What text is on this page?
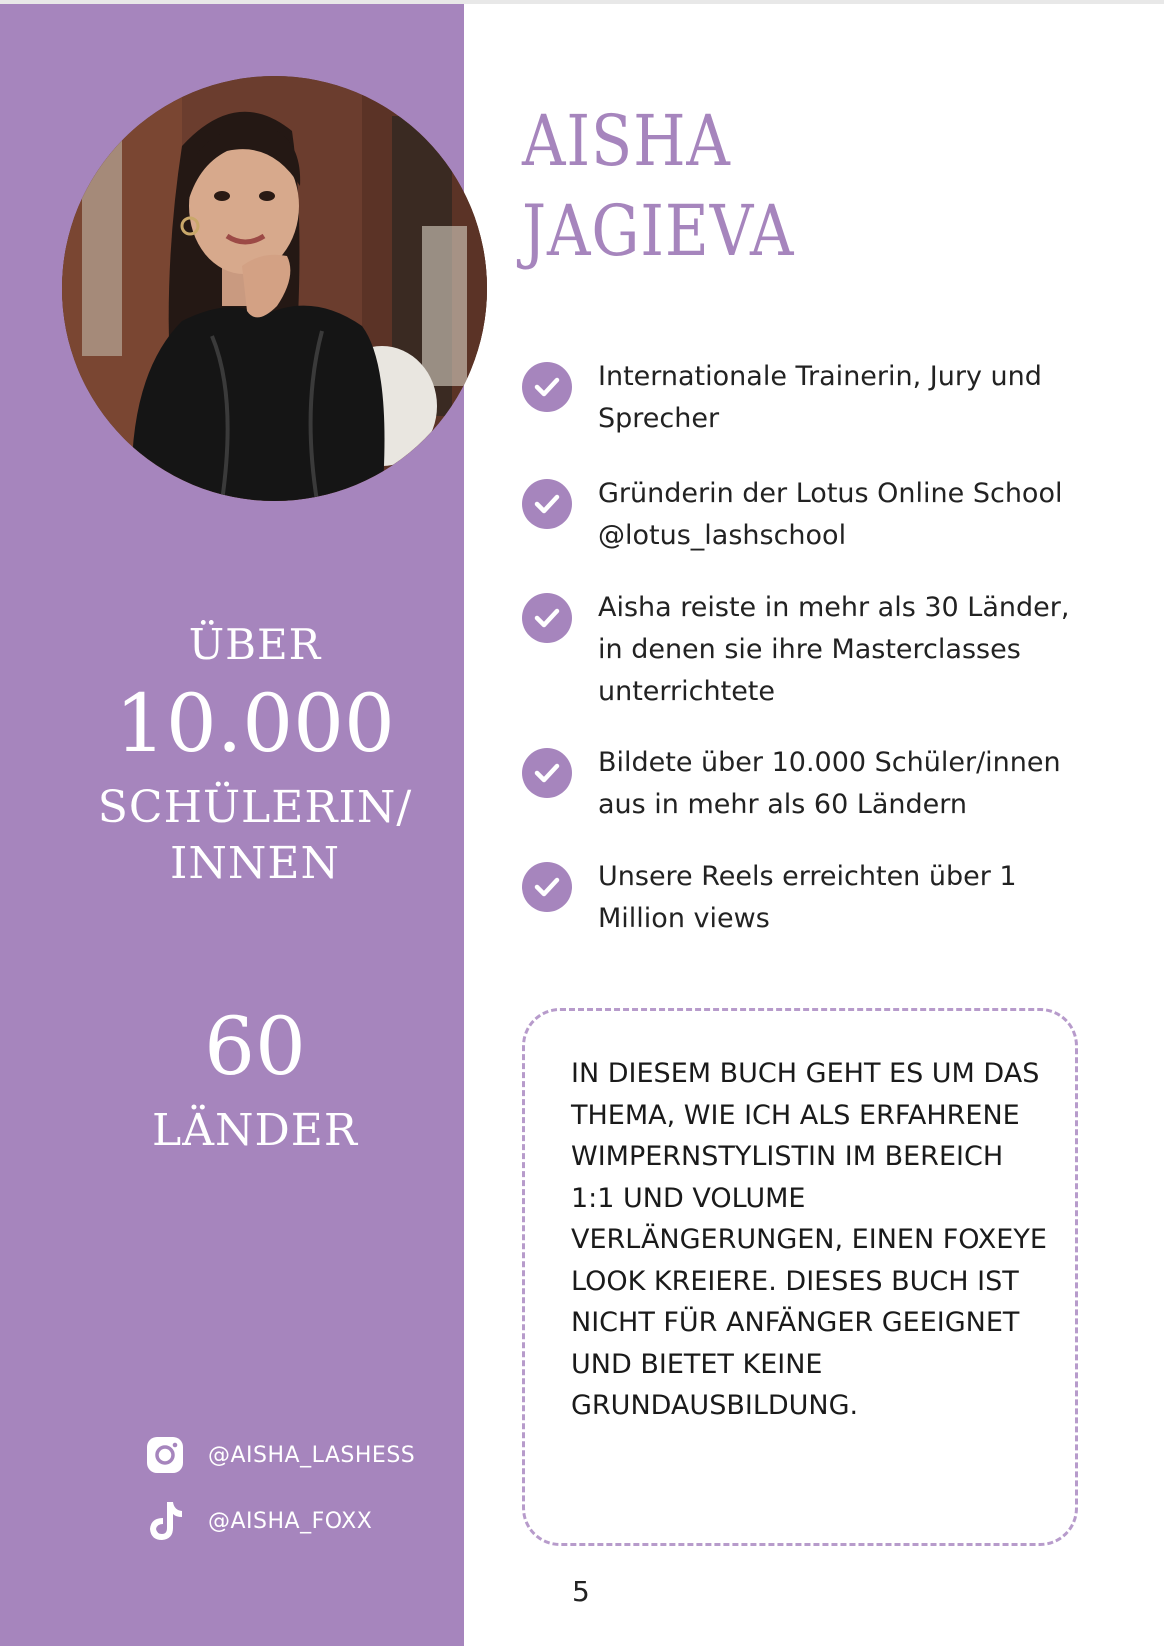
ÜBER
10.000
SCHÜLERIN/
INNEN
60
LÄNDER
@AISHA_LASHESS
@AISHA_FOXX
AISHA
JAGIEVA
Internationale Trainerin, Jury und Sprecher
Gründerin der Lotus Online School @lotus_lashschool
Aisha reiste in mehr als 30 Länder, in denen sie ihre Masterclasses unterrichtete
Bildete über 10.000 Schüler/innen aus in mehr als 60 Ländern
Unsere Reels erreichten über 1 Million views
IN DIESEM BUCH GEHT ES UM DAS THEMA, WIE ICH ALS ERFAHRENE WIMPERNSTYLISTIN IM BEREICH 1:1 UND VOLUME VERLÄNGERUNGEN, EINEN FOXEYE LOOK KREIERE. DIESES BUCH IST NICHT FÜR ANFÄNGER GEEIGNET UND BIETET KEINE GRUNDAUSBILDUNG.
5
